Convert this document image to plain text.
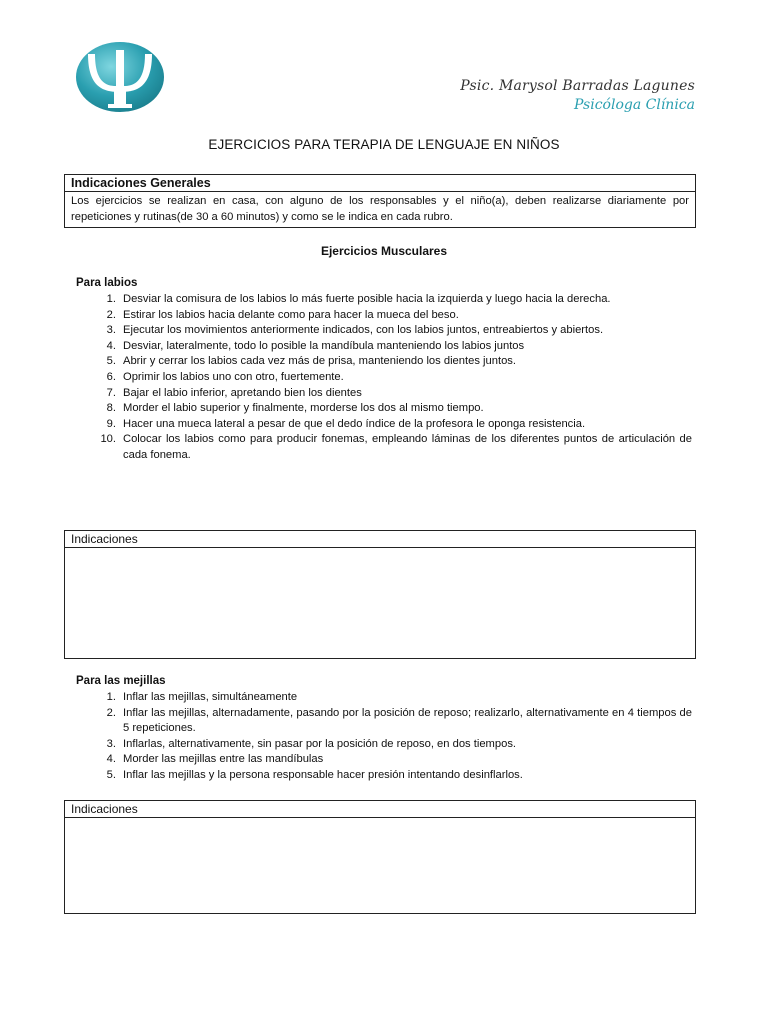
Psic. Marysol Barradas Lagunes
Psicóloga Clínica
EJERCICIOS PARA TERAPIA DE LENGUAJE EN NIÑOS
Indicaciones Generales
Los ejercicios se realizan en casa, con alguno de los responsables y el niño(a), deben realizarse diariamente por repeticiones y rutinas(de 30 a 60 minutos) y como se le indica en cada rubro.
Ejercicios Musculares
Para labios
1. Desviar la comisura de los labios lo más fuerte posible hacia la izquierda y luego hacia la derecha.
2. Estirar los labios hacia delante como para hacer la mueca del beso.
3. Ejecutar los movimientos anteriormente indicados, con los labios juntos, entreabiertos y abiertos.
4. Desviar, lateralmente, todo lo posible la mandíbula manteniendo los labios juntos
5. Abrir y cerrar los labios cada vez más de prisa, manteniendo los dientes juntos.
6. Oprimir los labios uno con otro, fuertemente.
7. Bajar el labio inferior, apretando bien los dientes
8. Morder el labio superior y finalmente, morderse los dos al mismo tiempo.
9. Hacer una mueca lateral a pesar de que el dedo índice de la profesora le oponga resistencia.
10. Colocar los labios como para producir fonemas, empleando láminas de los diferentes puntos de articulación de cada fonema.
Indicaciones
Para las mejillas
1. Inflar las mejillas, simultáneamente
2. Inflar las mejillas, alternadamente, pasando por la posición de reposo; realizarlo, alternativamente en 4 tiempos de 5 repeticiones.
3. Inflarlas, alternativamente, sin pasar por la posición de reposo, en dos tiempos.
4. Morder las mejillas entre las mandíbulas
5. Inflar las mejillas y la persona responsable hacer presión intentando desinflarlos.
Indicaciones
